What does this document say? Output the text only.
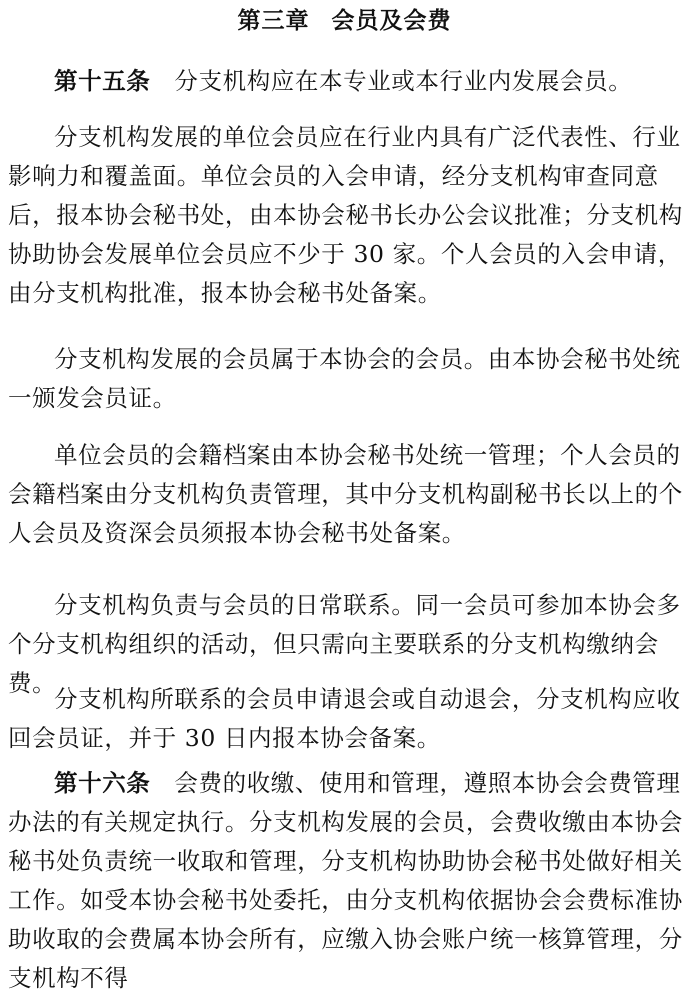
第三章 会员及会费

第十五条 分支机构应在本专业或本行业内发展会员。

分支机构发展的单位会员应在行业内具有广泛代表性、行业影响力和覆盖面。单位会员的入会申请，经分支机构审查同意后，报本协会秘书处，由本协会秘书长办公会议批准；分支机构协助协会发展单位会员应不少于 30 家。个人会员的入会申请，由分支机构批准，报本协会秘书处备案。

分支机构发展的会员属于本协会的会员。由本协会秘书处统一颁发会员证。

单位会员的会籍档案由本协会秘书处统一管理；个人会员的会籍档案由分支机构负责管理，其中分支机构副秘书长以上的个人会员及资深会员须报本协会秘书处备案。

分支机构负责与会员的日常联系。同一会员可参加本协会多个分支机构组织的活动，但只需向主要联系的分支机构缴纳会费。

分支机构所联系的会员申请退会或自动退会，分支机构应收回会员证，并于 30 日内报本协会备案。

第十六条 会费的收缴、使用和管理，遵照本协会会费管理办法的有关规定执行。分支机构发展的会员，会费收缴由本协会秘书处负责统一收取和管理，分支机构协助协会秘书处做好相关工作。如受本协会秘书处委托，由分支机构依据协会会费标准协助收取的会费属本协会所有，应缴入协会账户统一核算管理，分支机构不得
